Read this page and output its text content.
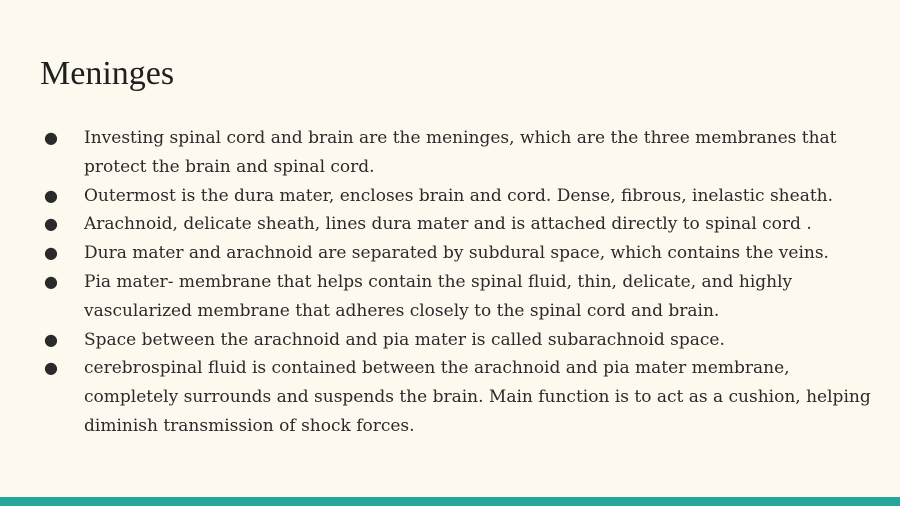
Meninges
●	Investing spinal cord and brain are the meninges, which are the three membranes that protect the brain and spinal cord.
●	Outermost is the dura mater, encloses brain and cord. Dense, fibrous, inelastic sheath.
●	Arachnoid, delicate sheath, lines dura mater and is attached directly to spinal cord .
●	Dura mater and arachnoid are separated by subdural space, which contains the veins.
●	Pia mater- membrane that helps contain the spinal fluid, thin, delicate, and highly vascularized membrane that adheres closely to the spinal cord and brain.
●	Space between the arachnoid and pia mater is called subarachnoid space.
●	cerebrospinal fluid is contained between the arachnoid and pia mater membrane, completely surrounds and suspends the brain. Main function is to act as a cushion, helping diminish transmission of shock forces.
